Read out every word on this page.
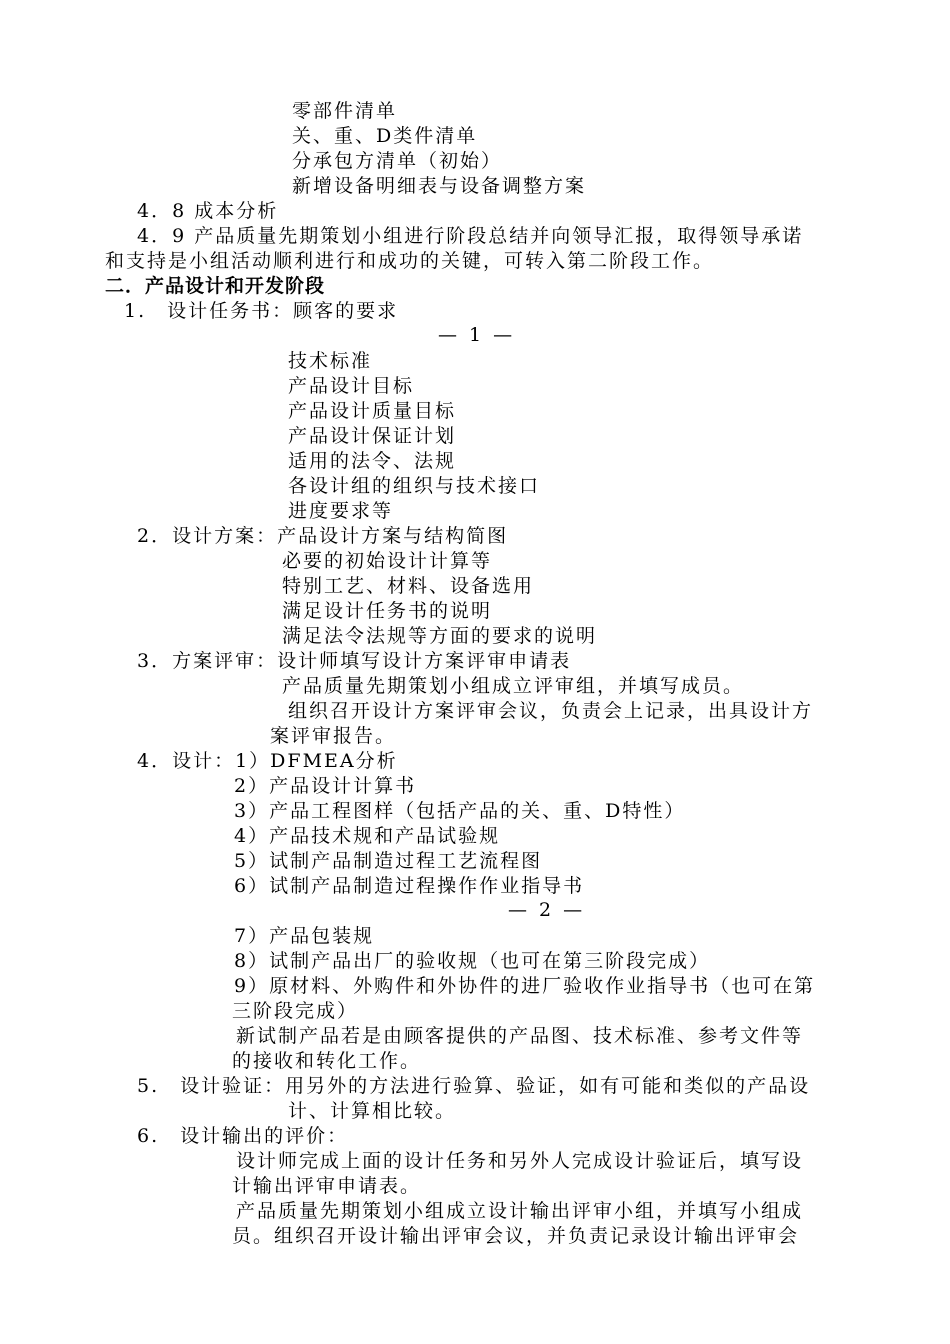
零部件清单
关、重、D类件清单
分承包方清单（初始）
新增设备明细表与设备调整方案
4．8 成本分析
4．9 产品质量先期策划小组进行阶段总结并向领导汇报，取得领导承诺
和支持是小组活动顺利进行和成功的关键，可转入第二阶段工作。
二．产品设计和开发阶段
1.　设计任务书：顾客的要求
— 1 —
技术标准
产品设计目标
产品设计质量目标
产品设计保证计划
适用的法令、法规
各设计组的组织与技术接口
进度要求等
2．设计方案：产品设计方案与结构简图
必要的初始设计计算等
特别工艺、材料、设备选用
满足设计任务书的说明
满足法令法规等方面的要求的说明
3．方案评审：设计师填写设计方案评审申请表
产品质量先期策划小组成立评审组，并填写成员。
组织召开设计方案评审会议，负责会上记录，出具设计方
案评审报告。
4．设计：1）DFMEA分析
2）产品设计计算书
3）产品工程图样（包括产品的关、重、D特性）
4）产品技术规和产品试验规
5）试制产品制造过程工艺流程图
6）试制产品制造过程操作作业指导书
— 2 —
7）产品包装规
8）试制产品出厂的验收规（也可在第三阶段完成）
9）原材料、外购件和外协件的进厂验收作业指导书（也可在第
三阶段完成）
新试制产品若是由顾客提供的产品图、技术标准、参考文件等
的接收和转化工作。
5.　设计验证：用另外的方法进行验算、验证，如有可能和类似的产品设
计、计算相比较。
6.　设计输出的评价：
设计师完成上面的设计任务和另外人完成设计验证后，填写设
计输出评审申请表。
产品质量先期策划小组成立设计输出评审小组，并填写小组成
员。组织召开设计输出评审会议，并负责记录设计输出评审会
